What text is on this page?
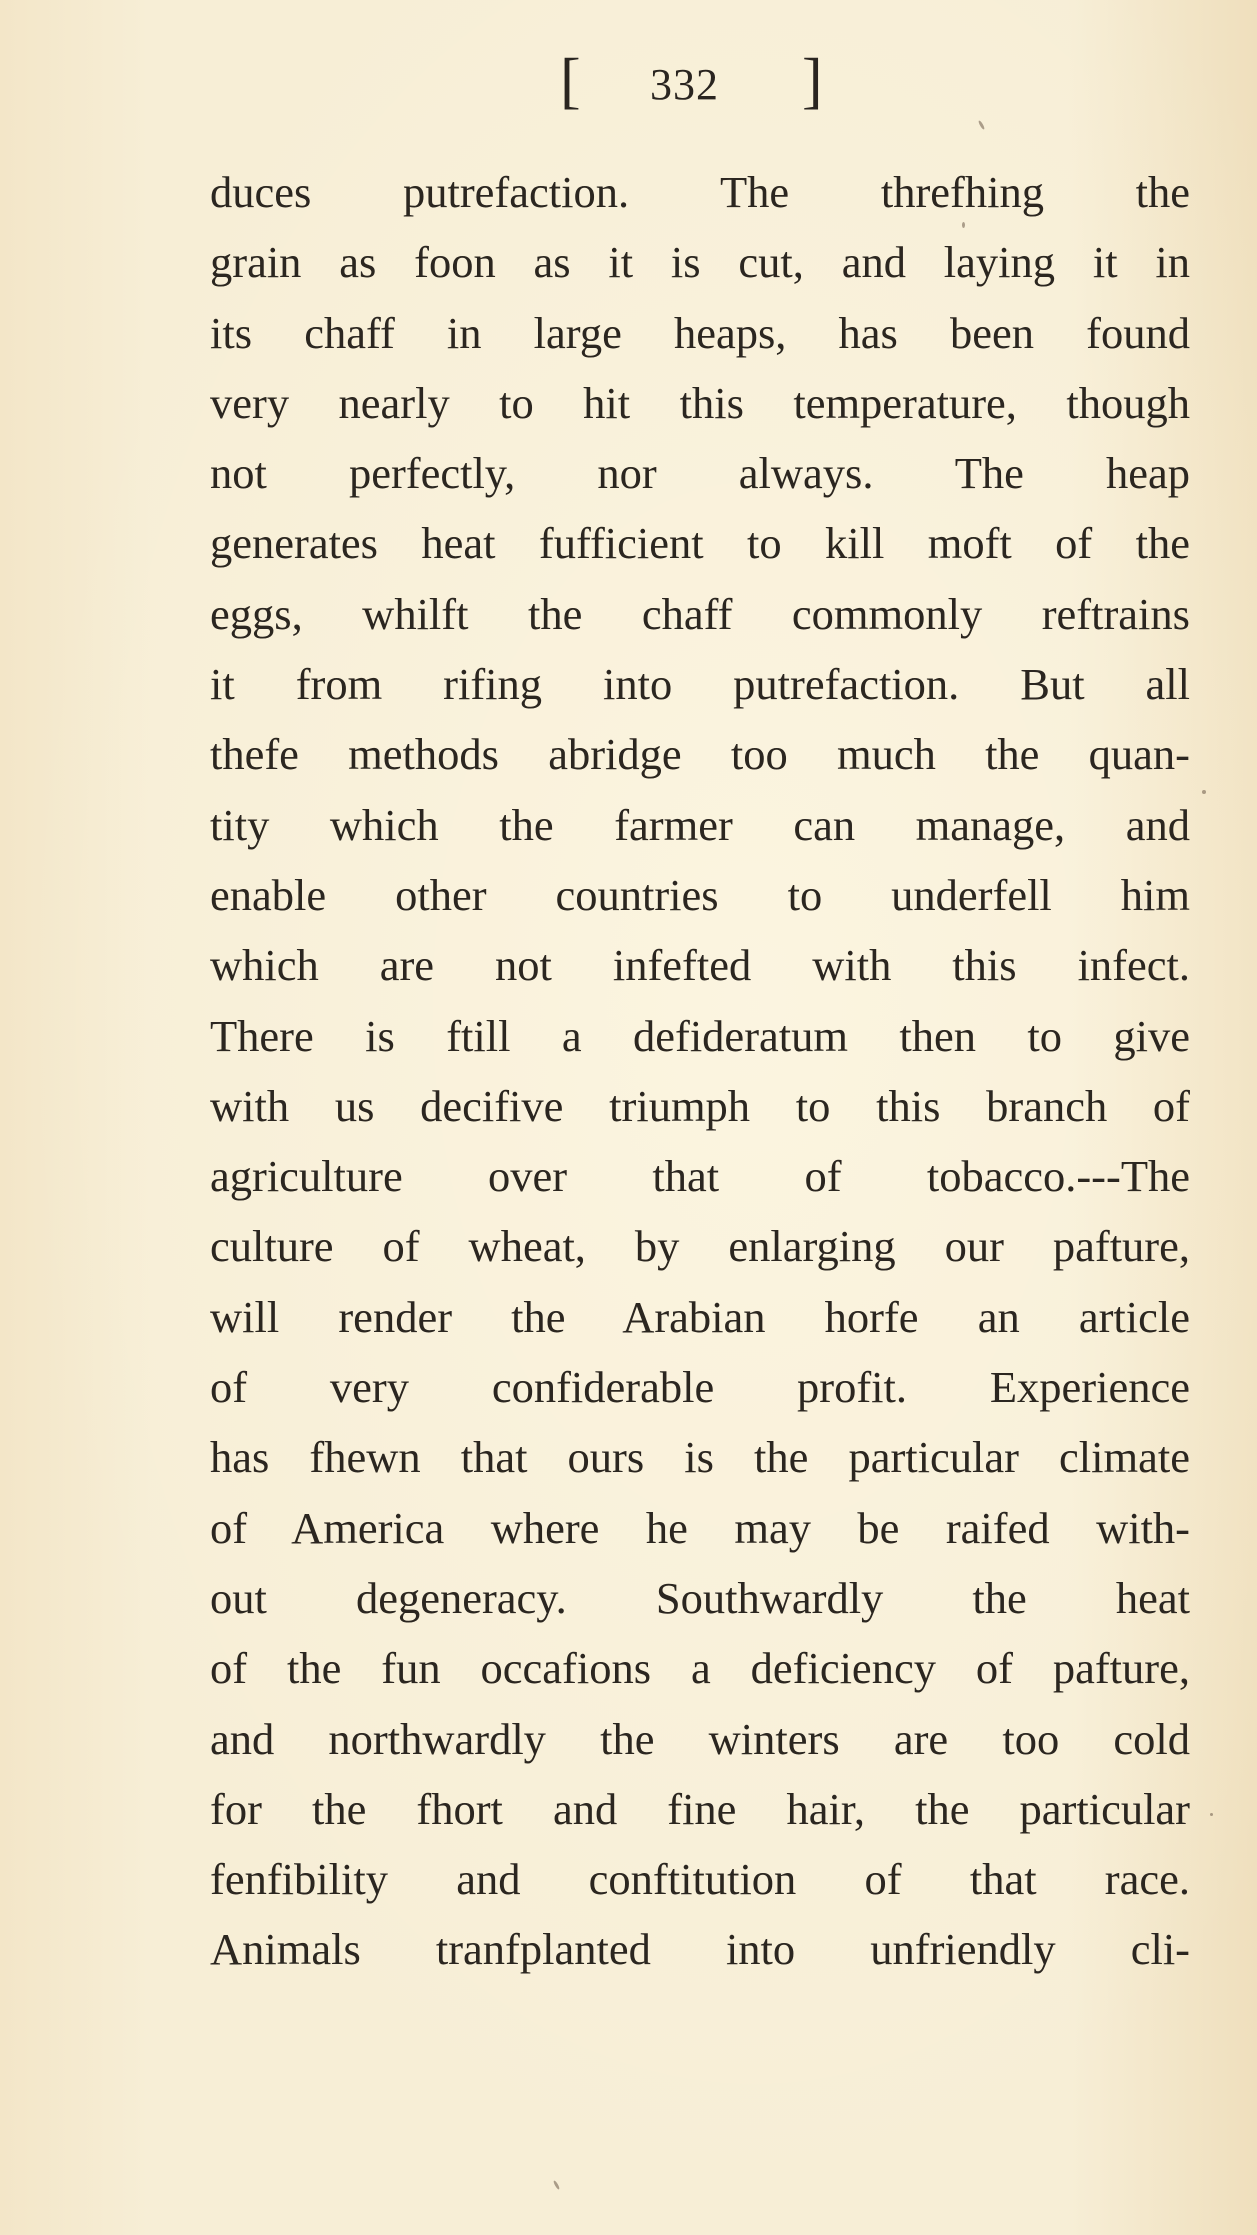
[ 332 ]
duces putrefaction. The threfhing the
grain as foon as it is cut, and laying it in
its chaff in large heaps, has been found
very nearly to hit this temperature, though
not perfectly, nor always. The heap
generates heat fufficient to kill moft of the
eggs, whilft the chaff commonly reftrains
it from rifing into putrefaction. But all
thefe methods abridge too much the quan-
tity which the farmer can manage, and
enable other countries to underfell him
which are not infefted with this infect.
There is ftill a defideratum then to give
with us decifive triumph to this branch of
agriculture over that of tobacco.---The
culture of wheat, by enlarging our pafture,
will render the Arabian horfe an article
of very confiderable profit. Experience
has fhewn that ours is the particular climate
of America where he may be raifed with-
out degeneracy. Southwardly the heat
of the fun occafions a deficiency of pafture,
and northwardly the winters are too cold
for the fhort and fine hair, the particular
fenfibility and conftitution of that race.
Animals tranfplanted into unfriendly cli-
